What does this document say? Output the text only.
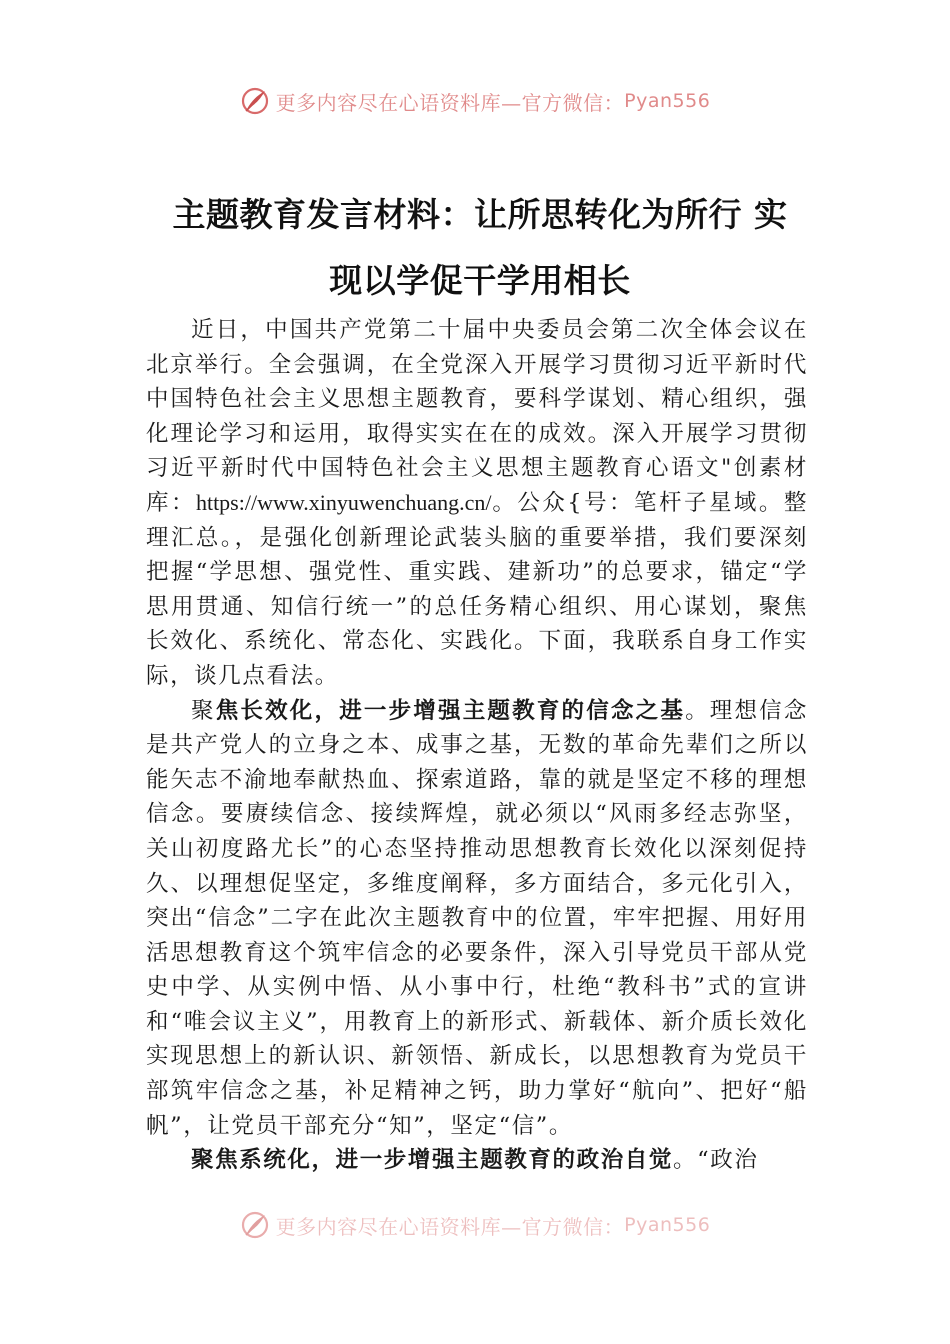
更多内容尽在心语资料库—官方微信： Pyan556
主题教育发言材料：让所思转化为所行 实
现以学促干学用相长

近日，中国共产党第二十届中央委员会第二次全体会议在北京举行。全会强调，在全党深入开展学习贯彻习近平新时代中国特色社会主义思想主题教育，要科学谋划、精心组织，强化理论学习和运用，取得实实在在的成效。深入开展学习贯彻习近平新时代中国特色社会主义思想主题教育心语文"创素材库：https://www.xinyuwenchuang.cn/。公众{号：笔杆子星域。整理汇总。，是强化创新理论武装头脑的重要举措，我们要深刻把握“学思想、强党性、重实践、建新功”的总要求，锚定“学思用贯通、知信行统一”的总任务精心组织、用心谋划，聚焦长效化、系统化、常态化、实践化。下面，我联系自身工作实际，谈几点看法。

聚焦长效化，进一步增强主题教育的信念之基。理想信念是共产党人的立身之本、成事之基，无数的革命先辈们之所以能矢志不渝地奉献热血、探索道路，靠的就是坚定不移的理想信念。要赓续信念、接续辉煌，就必须以“风雨多经志弥坚，关山初度路尤长”的心态坚持推动思想教育长效化以深刻促持久、以理想促坚定，多维度阐释，多方面结合，多元化引入，突出“信念”二字在此次主题教育中的位置，牢牢把握、用好用活思想教育这个筑牢信念的必要条件，深入引导党员干部从党史中学、从实例中悟、从小事中行，杜绝“教科书”式的宣讲和“唯会议主义”，用教育上的新形式、新载体、新介质长效化实现思想上的新认识、新领悟、新成长，以思想教育为党员干部筑牢信念之基，补足精神之钙，助力掌好“航向”、把好“船帆”，让党员干部充分“知”，坚定“信”。

聚焦系统化，进一步增强主题教育的政治自觉。“政治

更多内容尽在心语资料库—官方微信： Pyan556
